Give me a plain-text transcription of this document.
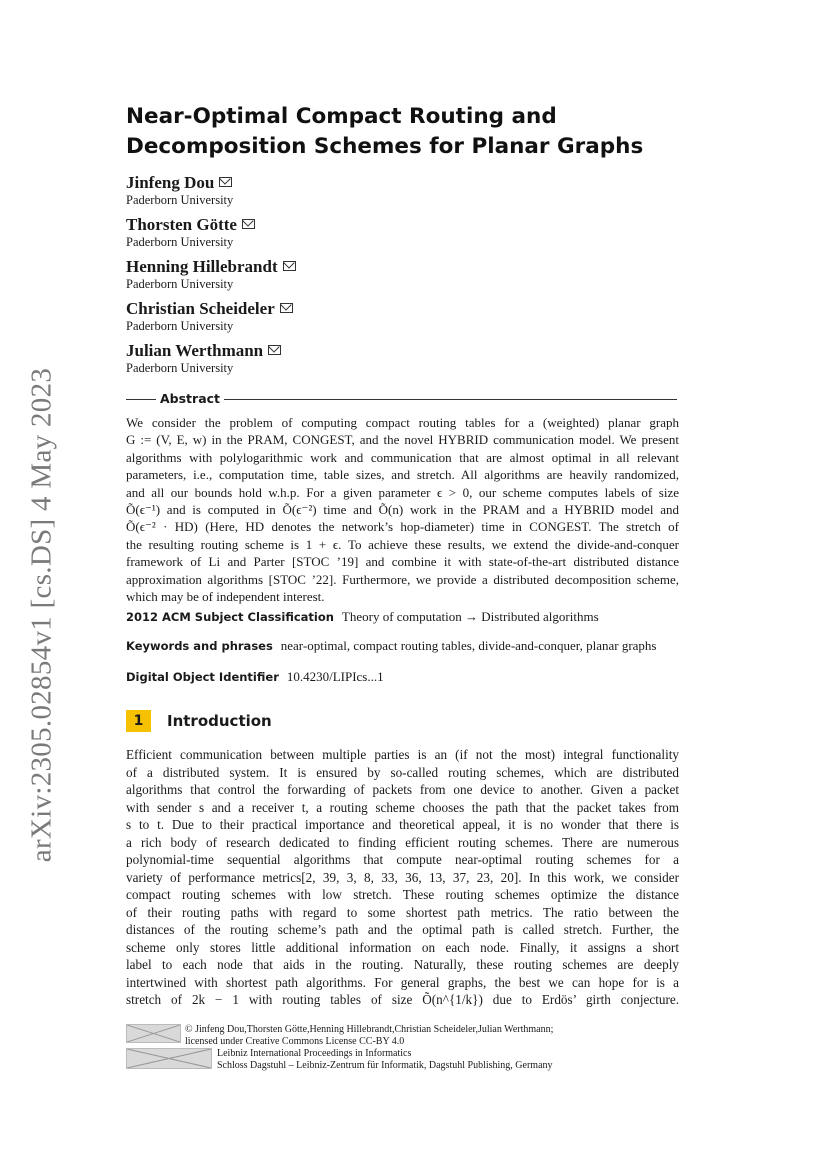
arXiv:2305.02854v1 [cs.DS] 4 May 2023
Near-Optimal Compact Routing and
Decomposition Schemes for Planar Graphs
Jinfeng Dou
Paderborn University
Thorsten Götte
Paderborn University
Henning Hillebrandt
Paderborn University
Christian Scheideler
Paderborn University
Julian Werthmann
Paderborn University
Abstract
We consider the problem of computing compact routing tables for a (weighted) planar graph
G := (V, E, w) in the PRAM, CONGEST, and the novel HYBRID communication model. We present
algorithms with polylogarithmic work and communication that are almost optimal in all relevant
parameters, i.e., computation time, table sizes, and stretch. All algorithms are heavily randomized,
and all our bounds hold w.h.p. For a given parameter ϵ > 0, our scheme computes labels of size
Õ(ϵ⁻¹) and is computed in Õ(ϵ⁻²) time and Õ(n) work in the PRAM and a HYBRID model and
Õ(ϵ⁻² · HD) (Here, HD denotes the network’s hop-diameter) time in CONGEST. The stretch of
the resulting routing scheme is 1 + ϵ. To achieve these results, we extend the divide-and-conquer
framework of Li and Parter [STOC ’19] and combine it with state-of-the-art distributed distance
approximation algorithms [STOC ’22]. Furthermore, we provide a distributed decomposition scheme,
which may be of independent interest.
2012 ACM Subject Classification Theory of computation → Distributed algorithms
Keywords and phrases near-optimal, compact routing tables, divide-and-conquer, planar graphs
Digital Object Identifier 10.4230/LIPIcs...1
1	Introduction
Efficient communication between multiple parties is an (if not the most) integral functionality
of a distributed system. It is ensured by so-called routing schemes, which are distributed
algorithms that control the forwarding of packets from one device to another. Given a packet
with sender s and a receiver t, a routing scheme chooses the path that the packet takes from
s to t. Due to their practical importance and theoretical appeal, it is no wonder that there is
a rich body of research dedicated to finding efficient routing schemes. There are numerous
polynomial-time sequential algorithms that compute near-optimal routing schemes for a
variety of performance metrics[2, 39, 3, 8, 33, 36, 13, 37, 23, 20]. In this work, we consider
compact routing schemes with low stretch. These routing schemes optimize the distance
of their routing paths with regard to some shortest path metrics. The ratio between the
distances of the routing scheme’s path and the optimal path is called stretch. Further, the
scheme only stores little additional information on each node. Finally, it assigns a short
label to each node that aids in the routing. Naturally, these routing schemes are deeply
intertwined with shortest path algorithms. For general graphs, the best we can hope for is a
stretch of 2k − 1 with routing tables of size Õ(n^{1/k}) due to Erdös’ girth conjecture.
© Jinfeng Dou,Thorsten Götte,Henning Hillebrandt,Christian Scheideler,Julian Werthmann;
licensed under Creative Commons License CC-BY 4.0
Leibniz International Proceedings in Informatics
Schloss Dagstuhl – Leibniz-Zentrum für Informatik, Dagstuhl Publishing, Germany
